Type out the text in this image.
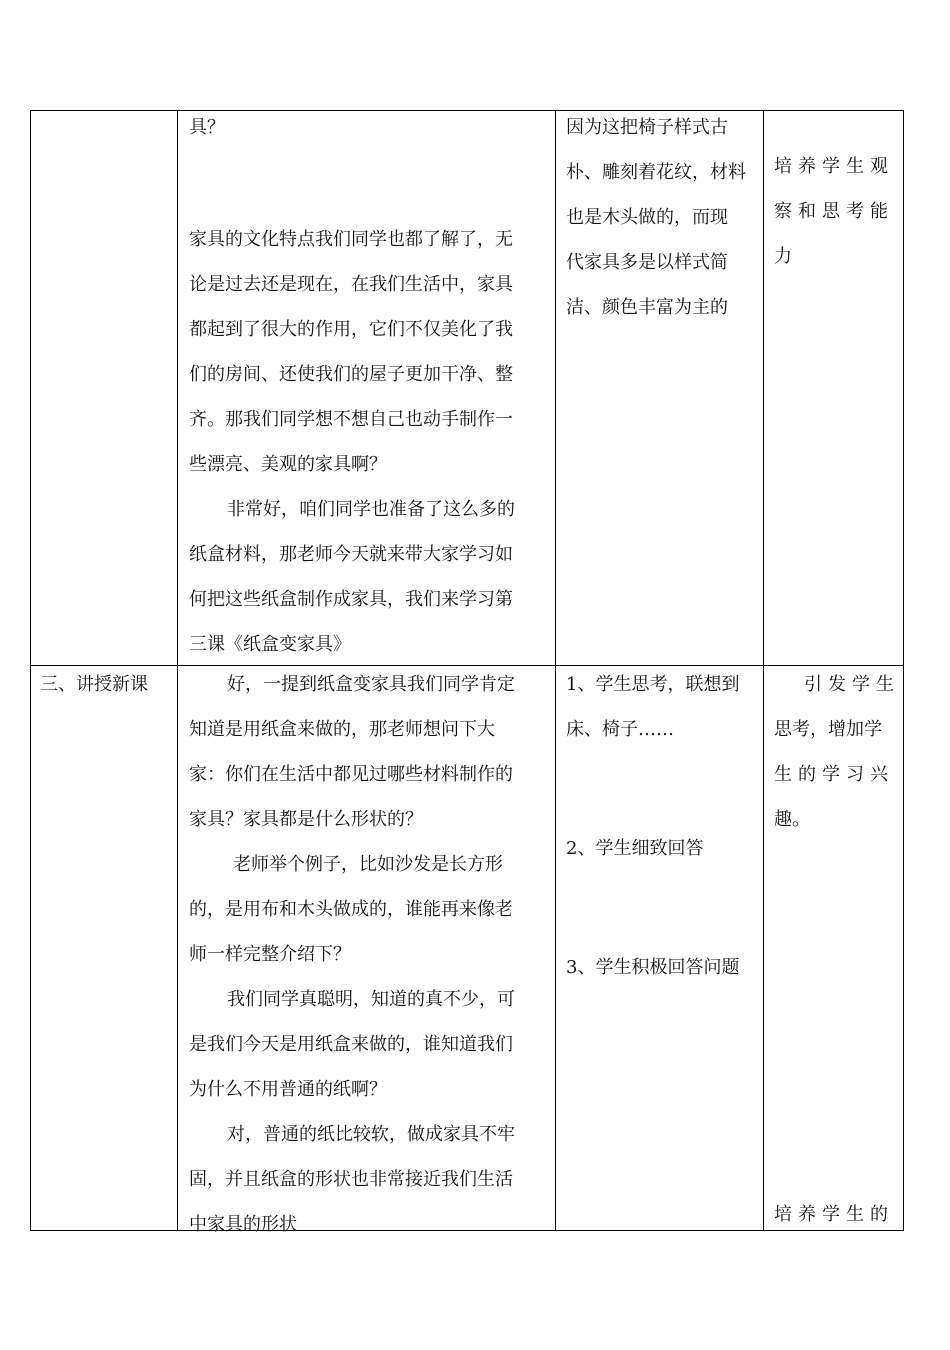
具？

家具的文化特点我们同学也都了解了，无

论是过去还是现在，在我们生活中，家具

都起到了很大的作用，它们不仅美化了我

们的房间、还使我们的屋子更加干净、整

齐。那我们同学想不想自己也动手制作一

些漂亮、美观的家具啊？

非常好，咱们同学也准备了这么多的

纸盒材料，那老师今天就来带大家学习如

何把这些纸盒制作成家具，我们来学习第

三课《纸盒变家具》

因为这把椅子样式古

朴、雕刻着花纹，材料

也是木头做的，而现

代家具多是以样式简

洁、颜色丰富为主的

培养学生观

察和思考能

力

三、讲授新课	好，一提到纸盒变家具我们同学肯定

知道是用纸盒来做的，那老师想问下大

家：你们在生活中都见过哪些材料制作的

家具？家具都是什么形状的？

老师举个例子，比如沙发是长方形

的，是用布和木头做成的，谁能再来像老

师一样完整介绍下？

我们同学真聪明，知道的真不少，可

是我们今天是用纸盒来做的，谁知道我们

为什么不用普通的纸啊？

对，普通的纸比较软，做成家具不牢

固，并且纸盒的形状也非常接近我们生活

中家具的形状

1、学生思考，联想到

床、椅子……

2、学生细致回答

3、学生积极回答问题

引发学生

思考，增加学

生的学习兴

趣。

培养学生的
